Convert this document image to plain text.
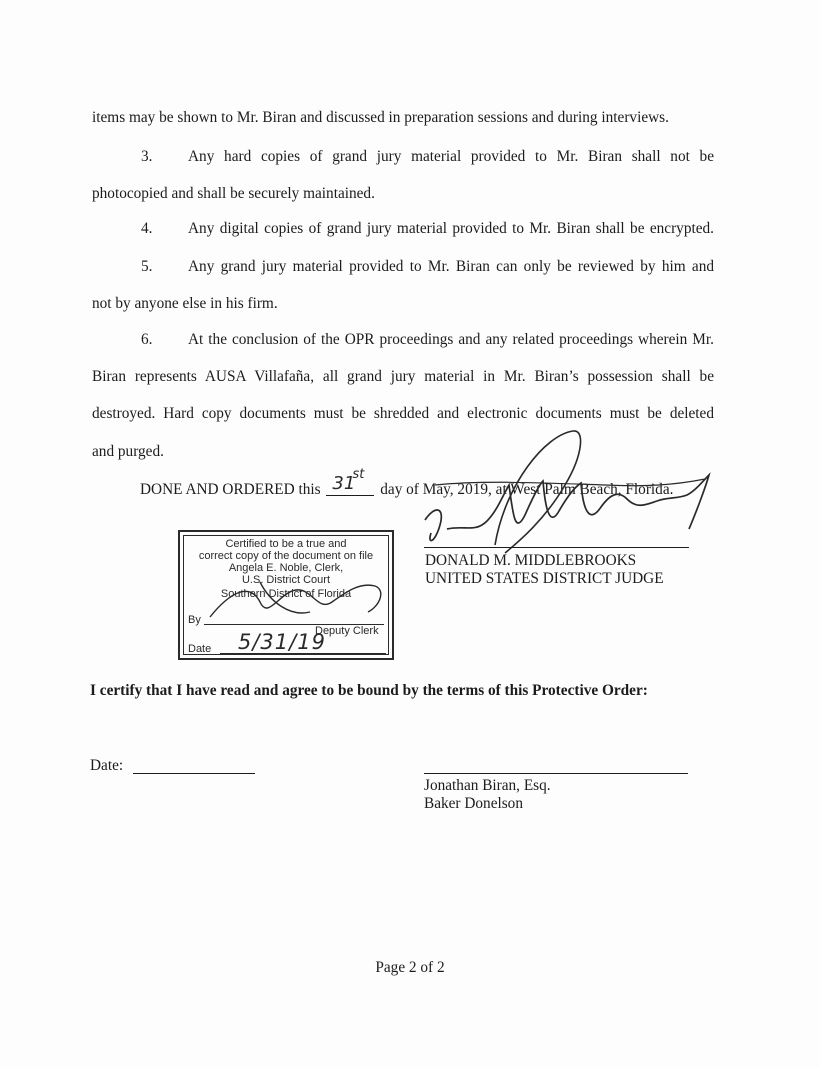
items may be shown to Mr. Biran and discussed in preparation sessions and during interviews.
3. Any hard copies of grand jury material provided to Mr. Biran shall not be
photocopied and shall be securely maintained.
4. Any digital copies of grand jury material provided to Mr. Biran shall be encrypted.
5. Any grand jury material provided to Mr. Biran can only be reviewed by him and
not by anyone else in his firm.
6. At the conclusion of the OPR proceedings and any related proceedings wherein Mr.
Biran represents AUSA Villafaña, all grand jury material in Mr. Biran’s possession shall be
destroyed. Hard copy documents must be shredded and electronic documents must be deleted
and purged.
DONE AND ORDERED this 31
st
day of May, 2019, at West Palm Beach, Florida.
DONALD M. MIDDLEBROOKS
UNITED STATES DISTRICT JUDGE
Certified to be a true and
correct copy of the document on file
Angela E. Noble, Clerk,
U.S. District Court
Southern District of Florida
By
Deputy Clerk
Date 5/31/19
I certify that I have read and agree to be bound by the terms of this Protective Order:
Date:
Jonathan Biran, Esq.
Baker Donelson
Page 2 of 2
